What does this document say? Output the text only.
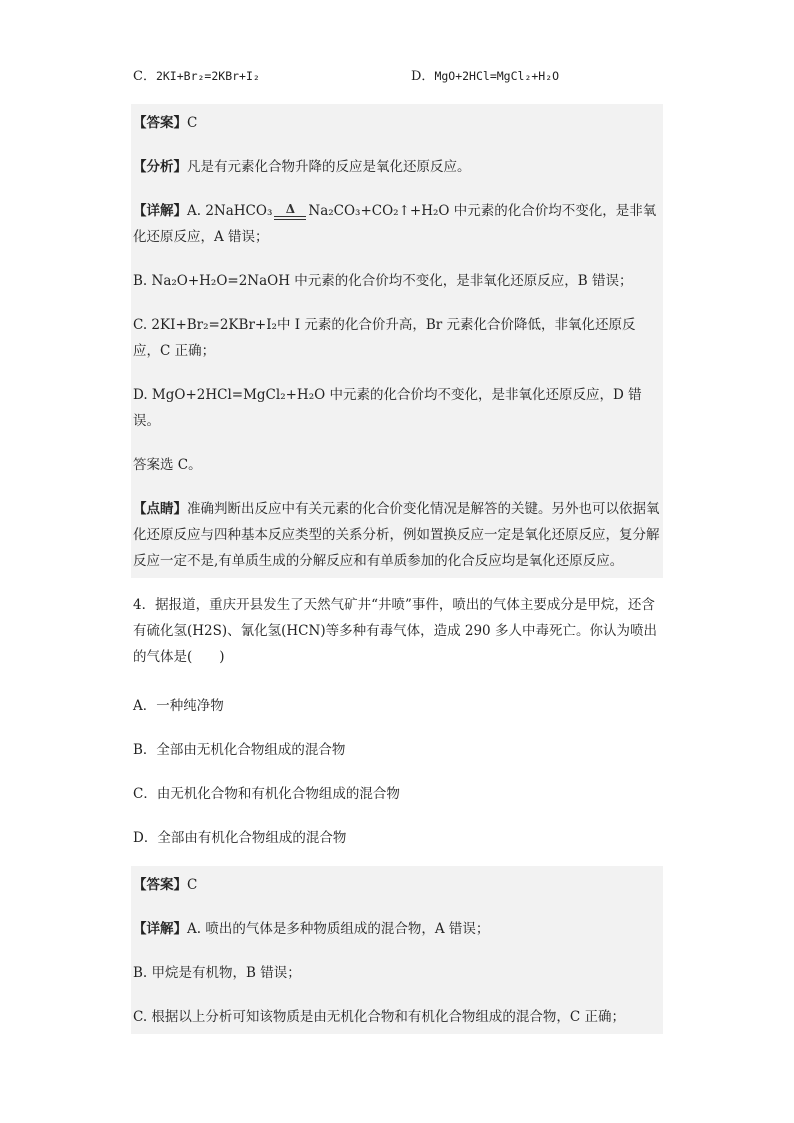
C．2KI+Br₂=2KBr+I₂	D．MgO+2HCl=MgCl₂+H₂O

【答案】C

【分析】凡是有元素化合物升降的反应是氧化还原反应。

【详解】A. 2NaHCO₃	Δ Na₂CO₃+CO₂↑+H₂O 中元素的化合价均不变化，是非氧化还原反应，A 错误；

B. Na₂O+H₂O=2NaOH 中元素的化合价均不变化，是非氧化还原反应，B 错误；

C. 2KI+Br₂=2KBr+I₂中 I 元素的化合价升高，Br 元素化合价降低，非氧化还原反应，C 正确；

D. MgO+2HCl=MgCl₂+H₂O 中元素的化合价均不变化，是非氧化还原反应，D 错误。

答案选 C。

【点睛】准确判断出反应中有关元素的化合价变化情况是解答的关键。另外也可以依据氧化还原反应与四种基本反应类型的关系分析，例如置换反应一定是氧化还原反应，复分解反应一定不是,有单质生成的分解反应和有单质参加的化合反应均是氧化还原反应。

4．据报道，重庆开县发生了天然气矿井“井喷”事件，喷出的气体主要成分是甲烷，还含有硫化氢(H2S)、氰化氢(HCN)等多种有毒气体，造成 290 多人中毒死亡。你认为喷出的气体是(　　)

A．一种纯净物
B．全部由无机化合物组成的混合物
C．由无机化合物和有机化合物组成的混合物
D．全部由有机化合物组成的混合物

【答案】C

【详解】A. 喷出的气体是多种物质组成的混合物，A 错误；

B. 甲烷是有机物，B 错误；

C. 根据以上分析可知该物质是由无机化合物和有机化合物组成的混合物，C 正确；
